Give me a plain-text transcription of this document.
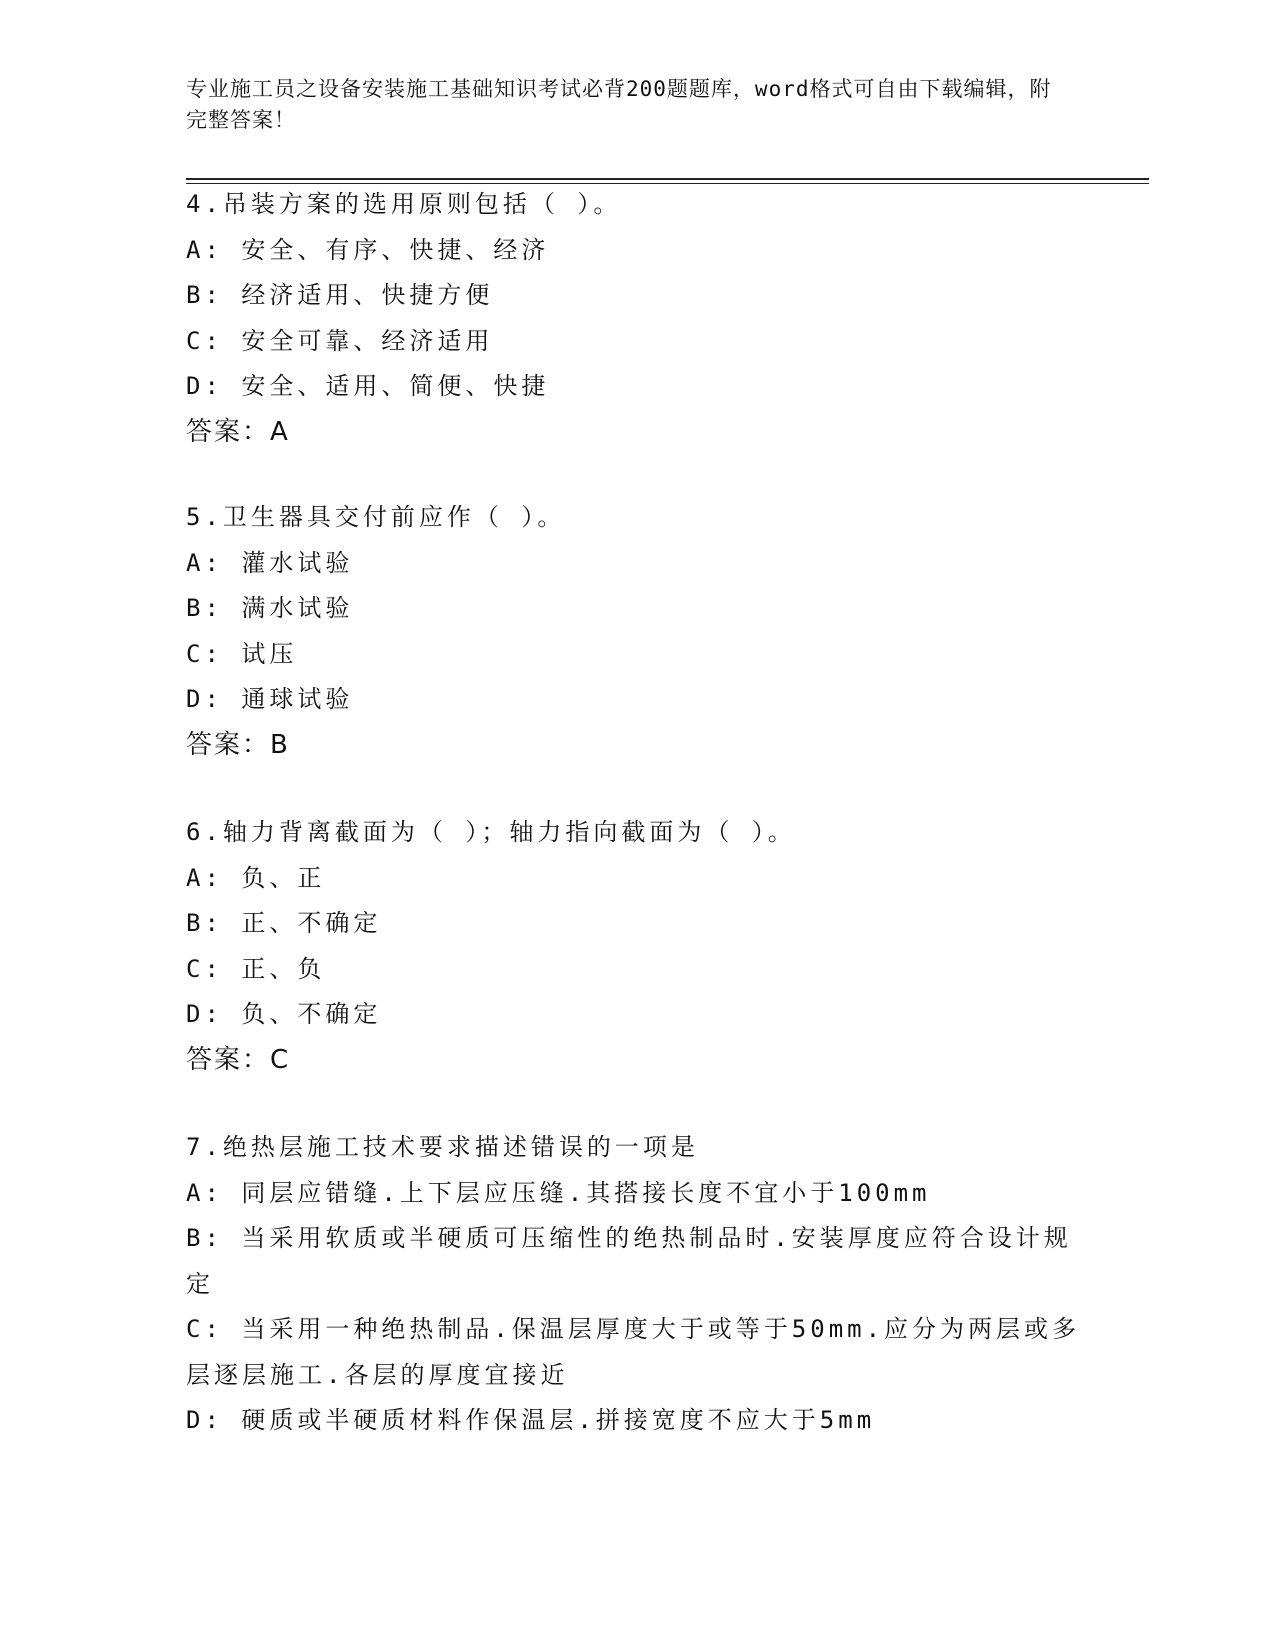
专业施工员之设备安装施工基础知识考试必背200题题库，word格式可自由下载编辑，附完整答案！
4.吊装方案的选用原则包括（ ）。
A: 安全、有序、快捷、经济
B: 经济适用、快捷方便
C: 安全可靠、经济适用
D: 安全、适用、简便、快捷
答案：A
5.卫生器具交付前应作（ ）。
A: 灌水试验
B: 满水试验
C: 试压
D: 通球试验
答案：B
6.轴力背离截面为（ ）；轴力指向截面为（ ）。
A: 负、正
B: 正、不确定
C: 正、负
D: 负、不确定
答案：C
7.绝热层施工技术要求描述错误的一项是
A: 同层应错缝.上下层应压缝.其搭接长度不宜小于100mm
B: 当采用软质或半硬质可压缩性的绝热制品时.安装厚度应符合设计规定
C: 当采用一种绝热制品.保温层厚度大于或等于50mm.应分为两层或多层逐层施工.各层的厚度宜接近
D: 硬质或半硬质材料作保温层.拼接宽度不应大于5mm
